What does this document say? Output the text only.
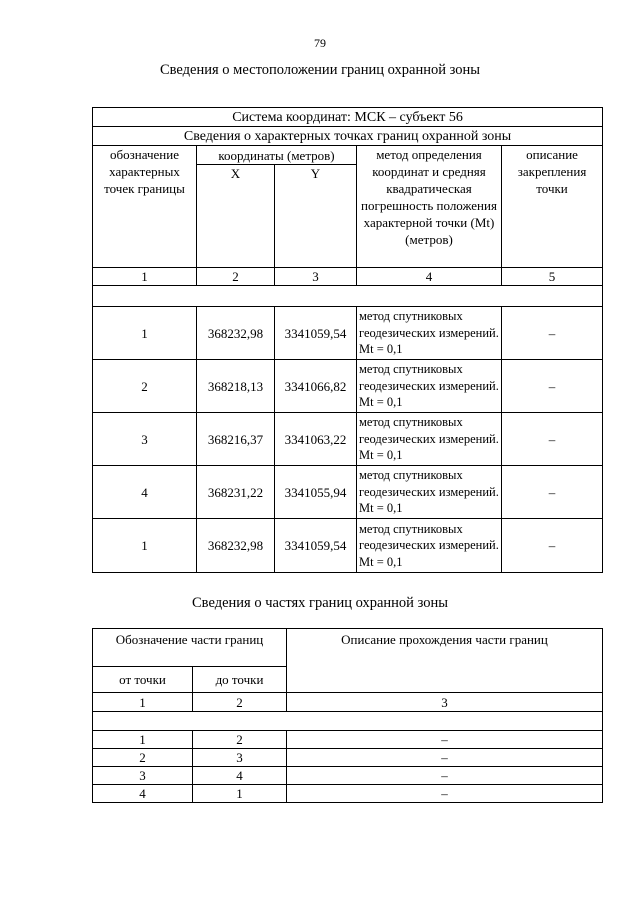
79
Сведения о местоположении границ охранной зоны
Система координат: МСК – субъект 56				
Сведения о характерных точках границ охранной зоны				
обозначение характерных точек границы	координаты (метров)		метод определения координат и средняя квадратическая погрешность положения характерной точки (Mt) (метров)	описание закрепления точки
	X	Y		
1	2	3	4	5

1	368232,98	3341059,54	метод спутниковых геодезических измерений. Mt = 0,1	–
2	368218,13	3341066,82	метод спутниковых геодезических измерений. Mt = 0,1	–
3	368216,37	3341063,22	метод спутниковых геодезических измерений. Mt = 0,1	–
4	368231,22	3341055,94	метод спутниковых геодезических измерений. Mt = 0,1	–
1	368232,98	3341059,54	метод спутниковых геодезических измерений. Mt = 0,1	–
Сведения о частях границ охранной зоны
Обозначение части границ		Описание прохождения части границ
от точки	до точки	
1	2	3

1	2	–
2	3	–
3	4	–
4	1	–
